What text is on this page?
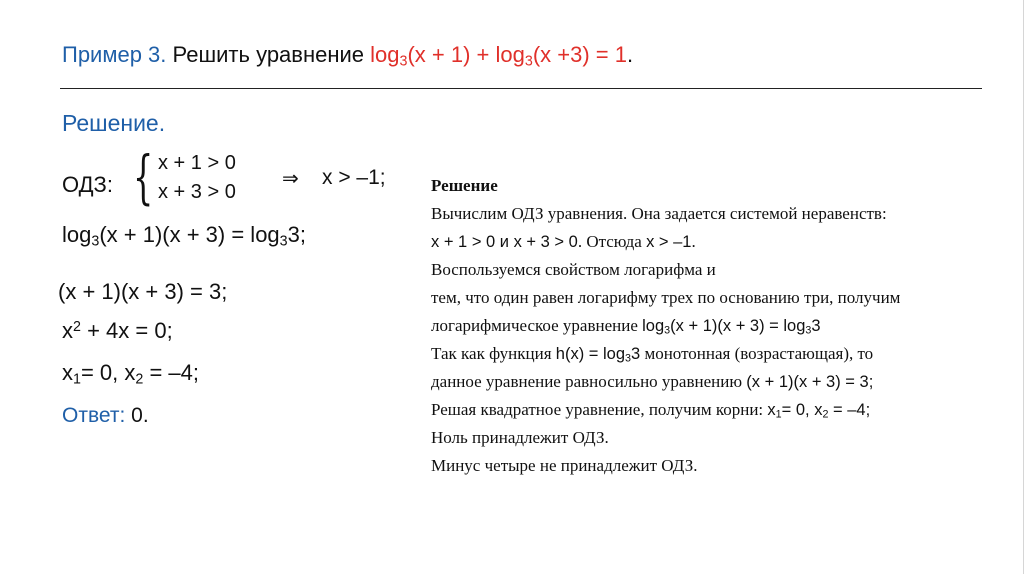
Пример 3. Решить уравнение $\log_3(x + 1) + \log_3(x +3) = 1$.
Решение.
ОДЗ: { x + 1 > 0
x + 3 > 0
⇒ x > –1;
$\log_3(x + 1)(x + 3) = \log_33$;
(x + 1)(x + 3) = 3;
$x^2 + 4x = 0$;
$x_1= 0$, $x_2 = -4$;
Ответ: 0.
Решение
Вычислим ОДЗ уравнения. Она задается системой неравенств:
x + 1 > 0 и x + 3 > 0. Отсюда x > –1.
Воспользуемся свойством логарифма и
тем, что один равен логарифму трех по основанию три, получим
логарифмическое уравнение $\log_3(x + 1)(x + 3) = \log_33$
Так как функция $h(x) = \log_33$ монотонная (возрастающая), то
данное уравнение равносильно уравнению (x + 1)(x + 3) = 3;
Решая квадратное уравнение, получим корни: $x_1= 0$, $x_2 = -4$;
Ноль принадлежит ОДЗ.
Минус четыре не принадлежит ОДЗ.
